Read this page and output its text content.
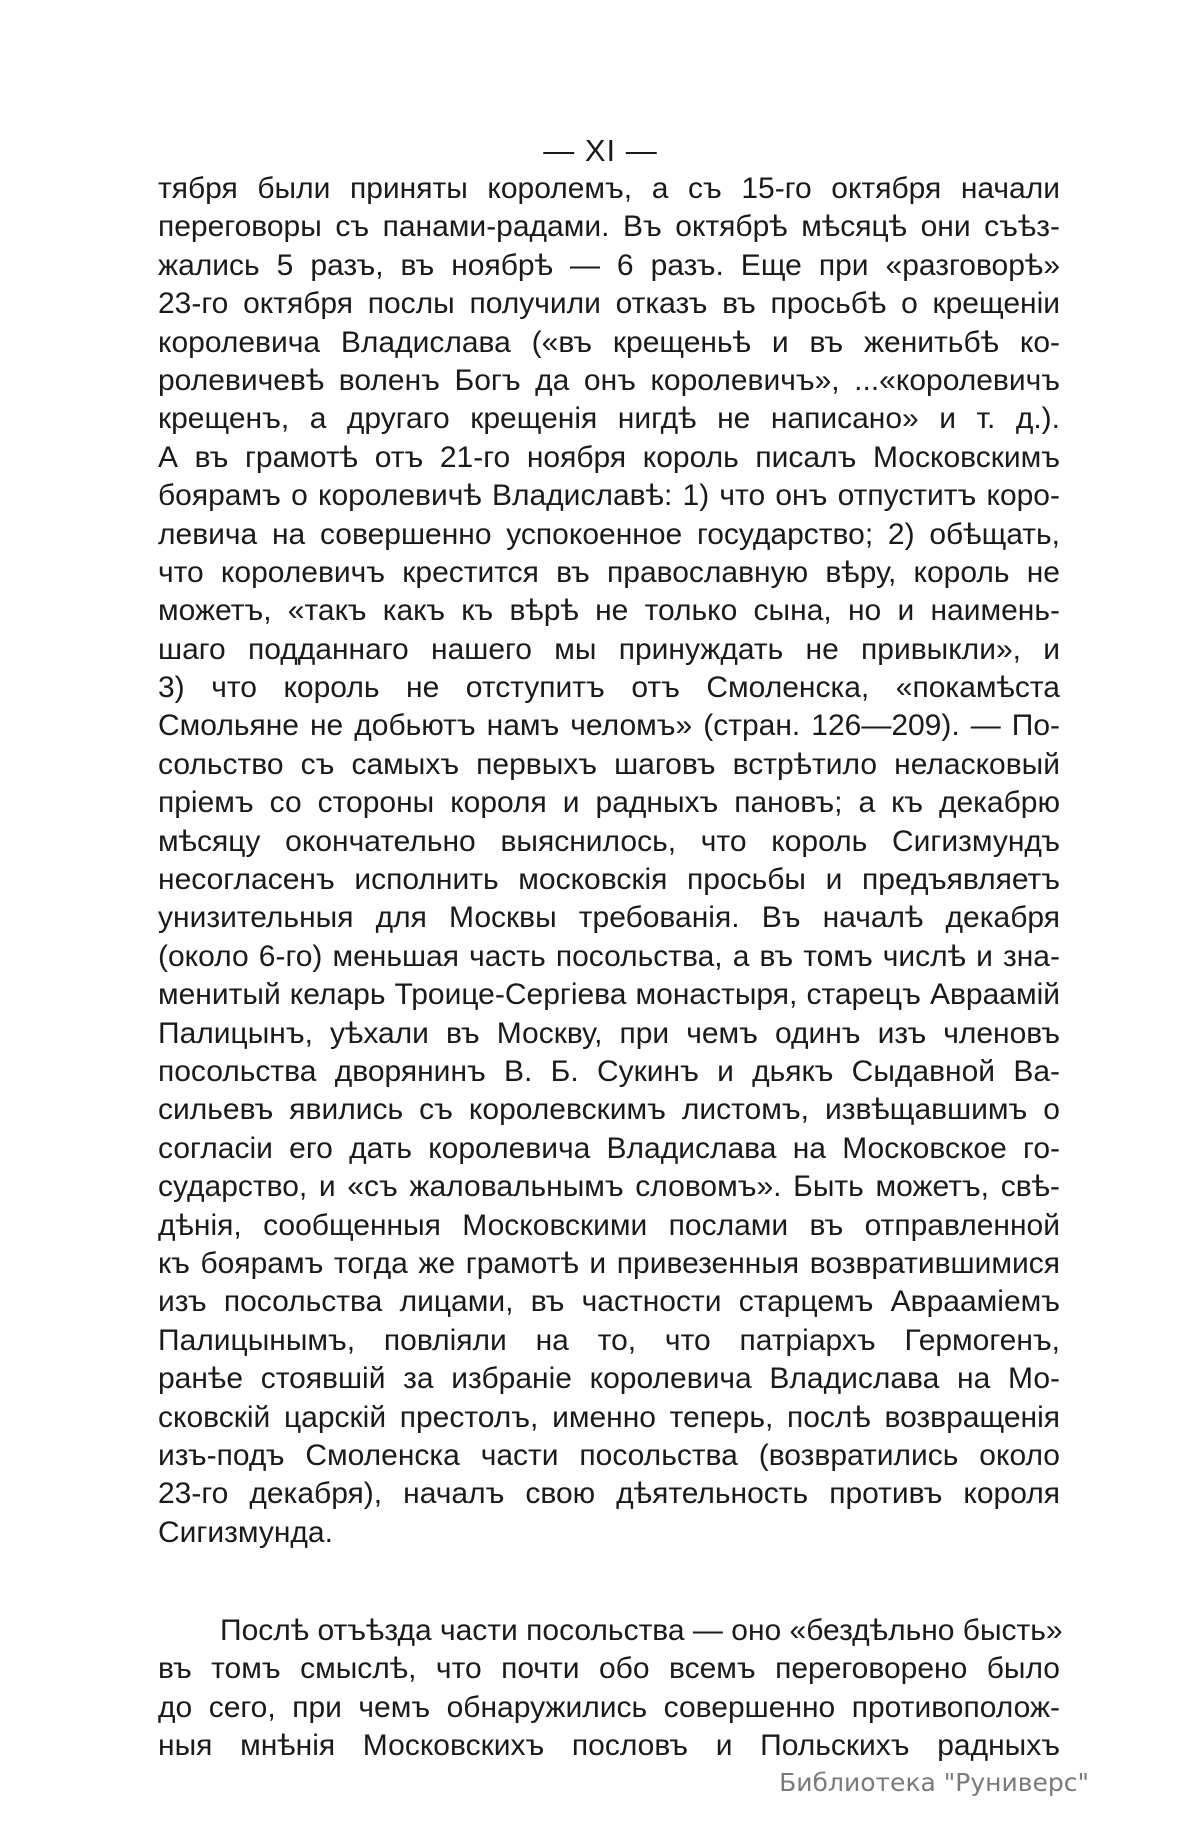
— XI —
тября были приняты королемъ, а съ 15-го октября начали
переговоры съ панами-радами. Въ октябрѣ мѣсяцѣ они съѣз-
жались 5 разъ, въ ноябрѣ — 6 разъ. Еще при «разговорѣ»
23-го октября послы получили отказъ въ просьбѣ о крещеніи
королевича Владислава («въ крещеньѣ и въ женитьбѣ ко-
ролевичевѣ воленъ Богъ да онъ королевичъ», ...«королевичъ
крещенъ, а другаго крещенія нигдѣ не написано» и т. д.).
А въ грамотѣ отъ 21-го ноября король писалъ Московскимъ
боярамъ о королевичѣ Владиславѣ: 1) что онъ отпуститъ коро-
левича на совершенно успокоенное государство; 2) обѣщать,
что королевичъ крестится въ православную вѣру, король не
можетъ, «такъ какъ къ вѣрѣ не только сына, но и наимень-
шаго подданнаго нашего мы принуждать не привыкли», и
3) что король не отступитъ отъ Смоленска, «покамѣста
Смольяне не добьютъ намъ челомъ» (стран. 126—209). — По-
сольство съ самыхъ первыхъ шаговъ встрѣтило неласковый
пріемъ со стороны короля и радныхъ пановъ; а къ декабрю
мѣсяцу окончательно выяснилось, что король Сигизмундъ
несогласенъ исполнить московскія просьбы и предъявляетъ
унизительныя для Москвы требованія. Въ началѣ декабря
(около 6-го) меньшая часть посольства, а въ томъ числѣ и зна-
менитый келарь Троице-Сергіева монастыря, старецъ Авраамій
Палицынъ, уѣхали въ Москву, при чемъ одинъ изъ членовъ
посольства дворянинъ В. Б. Сукинъ и дьякъ Сыдавной Ва-
сильевъ явились съ королевскимъ листомъ, извѣщавшимъ о
согласіи его дать королевича Владислава на Московское го-
сударство, и «съ жаловальнымъ словомъ». Быть можетъ, свѣ-
дѣнія, сообщенныя Московскими послами въ отправленной
къ боярамъ тогда же грамотѣ и привезенныя возвратившимися
изъ посольства лицами, въ частности старцемъ Аврааміемъ
Палицынымъ, повліяли на то, что патріархъ Гермогенъ,
ранѣе стоявшій за избраніе королевича Владислава на Мо-
сковскій царскій престолъ, именно теперь, послѣ возвращенія
изъ-подъ Смоленска части посольства (возвратились около
23-го декабря), началъ свою дѣятельность противъ короля
Сигизмунда.
Послѣ отъѣзда части посольства — оно «бездѣльно бысть»
въ томъ смыслѣ, что почти обо всемъ переговорено было
до сего, при чемъ обнаружились совершенно противополож-
ныя мнѣнія Московскихъ пословъ и Польскихъ радныхъ
Библиотека "Руниверс"
